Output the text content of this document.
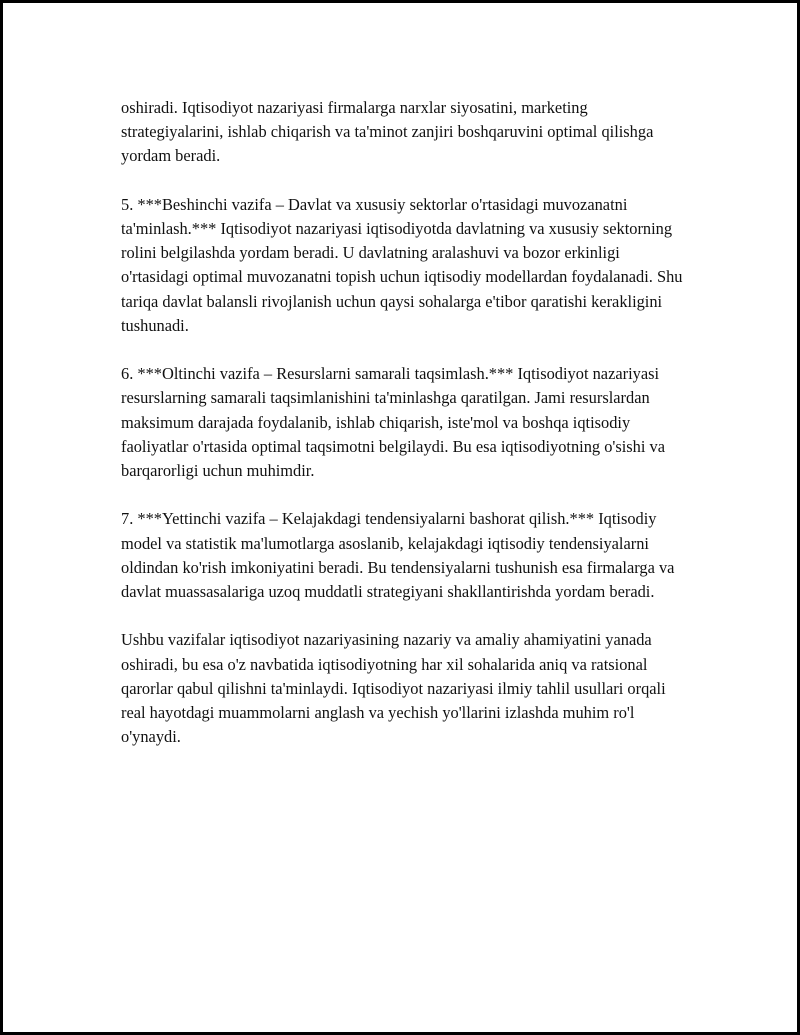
oshiradi. Iqtisodiyot nazariyasi firmalarga narxlar siyosatini, marketing strategiyalarini, ishlab chiqarish va ta'minot zanjiri boshqaruvini optimal qilishga yordam beradi.

5. ***Beshinchi vazifa – Davlat va xususiy sektorlar o'rtasidagi muvozanatni ta'minlash.*** Iqtisodiyot nazariyasi iqtisodiyotda davlatning va xususiy sektorning rolini belgilashda yordam beradi. U davlatning aralashuvi va bozor erkinligi o'rtasidagi optimal muvozanatni topish uchun iqtisodiy modellardan foydalanadi. Shu tariqa davlat balansli rivojlanish uchun qaysi sohalarga e'tibor qaratishi kerakligini tushunadi.

6. ***Oltinchi vazifa – Resurslarni samarali taqsimlash.*** Iqtisodiyot nazariyasi resurslarning samarali taqsimlanishini ta'minlashga qaratilgan. Jami resurslardan maksimum darajada foydalanib, ishlab chiqarish, iste'mol va boshqa iqtisodiy faoliyatlar o'rtasida optimal taqsimotni belgilaydi. Bu esa iqtisodiyotning o'sishi va barqarorligi uchun muhimdir.

7. ***Yettinchi vazifa – Kelajakdagi tendensiyalarni bashorat qilish.*** Iqtisodiy model va statistik ma'lumotlarga asoslanib, kelajakdagi iqtisodiy tendensiyalarni oldindan ko'rish imkoniyatini beradi. Bu tendensiyalarni tushunish esa firmalarga va davlat muassasalariga uzoq muddatli strategiyani shakllantirishda yordam beradi.

Ushbu vazifalar iqtisodiyot nazariyasining nazariy va amaliy ahamiyatini yanada oshiradi, bu esa o'z navbatida iqtisodiyotning har xil sohalarida aniq va ratsional qarorlar qabul qilishni ta'minlaydi. Iqtisodiyot nazariyasi ilmiy tahlil usullari orqali real hayotdagi muammolarni anglash va yechish yo'llarini izlashda muhim ro'l o'ynaydi.
